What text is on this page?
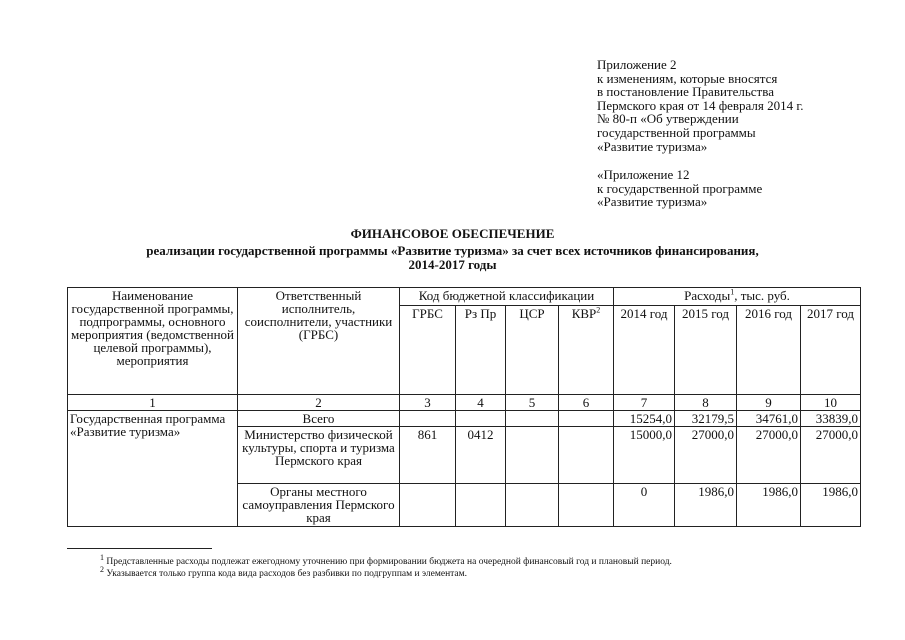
Приложение 2
к изменениям, которые вносятся
в постановление Правительства
Пермского края от 14 февраля 2014 г.
№ 80-п «Об утверждении
государственной программы
«Развитие туризма»
«Приложение 12
к государственной программе
«Развитие туризма»
ФИНАНСОВОЕ ОБЕСПЕЧЕНИЕ
реализации государственной программы «Развитие туризма» за счет всех источников финансирования,
2014-2017 годы
Наименование государственной программы, подпрограммы, основного мероприятия (ведомственной целевой программы), мероприятия	Ответственный исполнитель, соисполнители, участники (ГРБС)	Код бюджетной классификации				Расходы$^1$, тыс. руб.			
		ГРБС	Рз Пр	ЦСР	КВР$^2$	2014 год	2015 год	2016 год	2017 год
1	2	3	4	5	6	7	8	9	10
Государственная программа «Развитие туризма»	Всего					15254,0	32179,5	34761,0	33839,0
	Министерство физической культуры, спорта и туризма Пермского края	861	0412			15000,0	27000,0	27000,0	27000,0
	Органы местного самоуправления Пермского края					0	1986,0	1986,0	1986,0
$^1$ Представленные расходы подлежат ежегодному уточнению при формировании бюджета на очередной финансовый год и плановый период.
$^2$ Указывается только группа кода вида расходов без разбивки по подгруппам и элементам.
